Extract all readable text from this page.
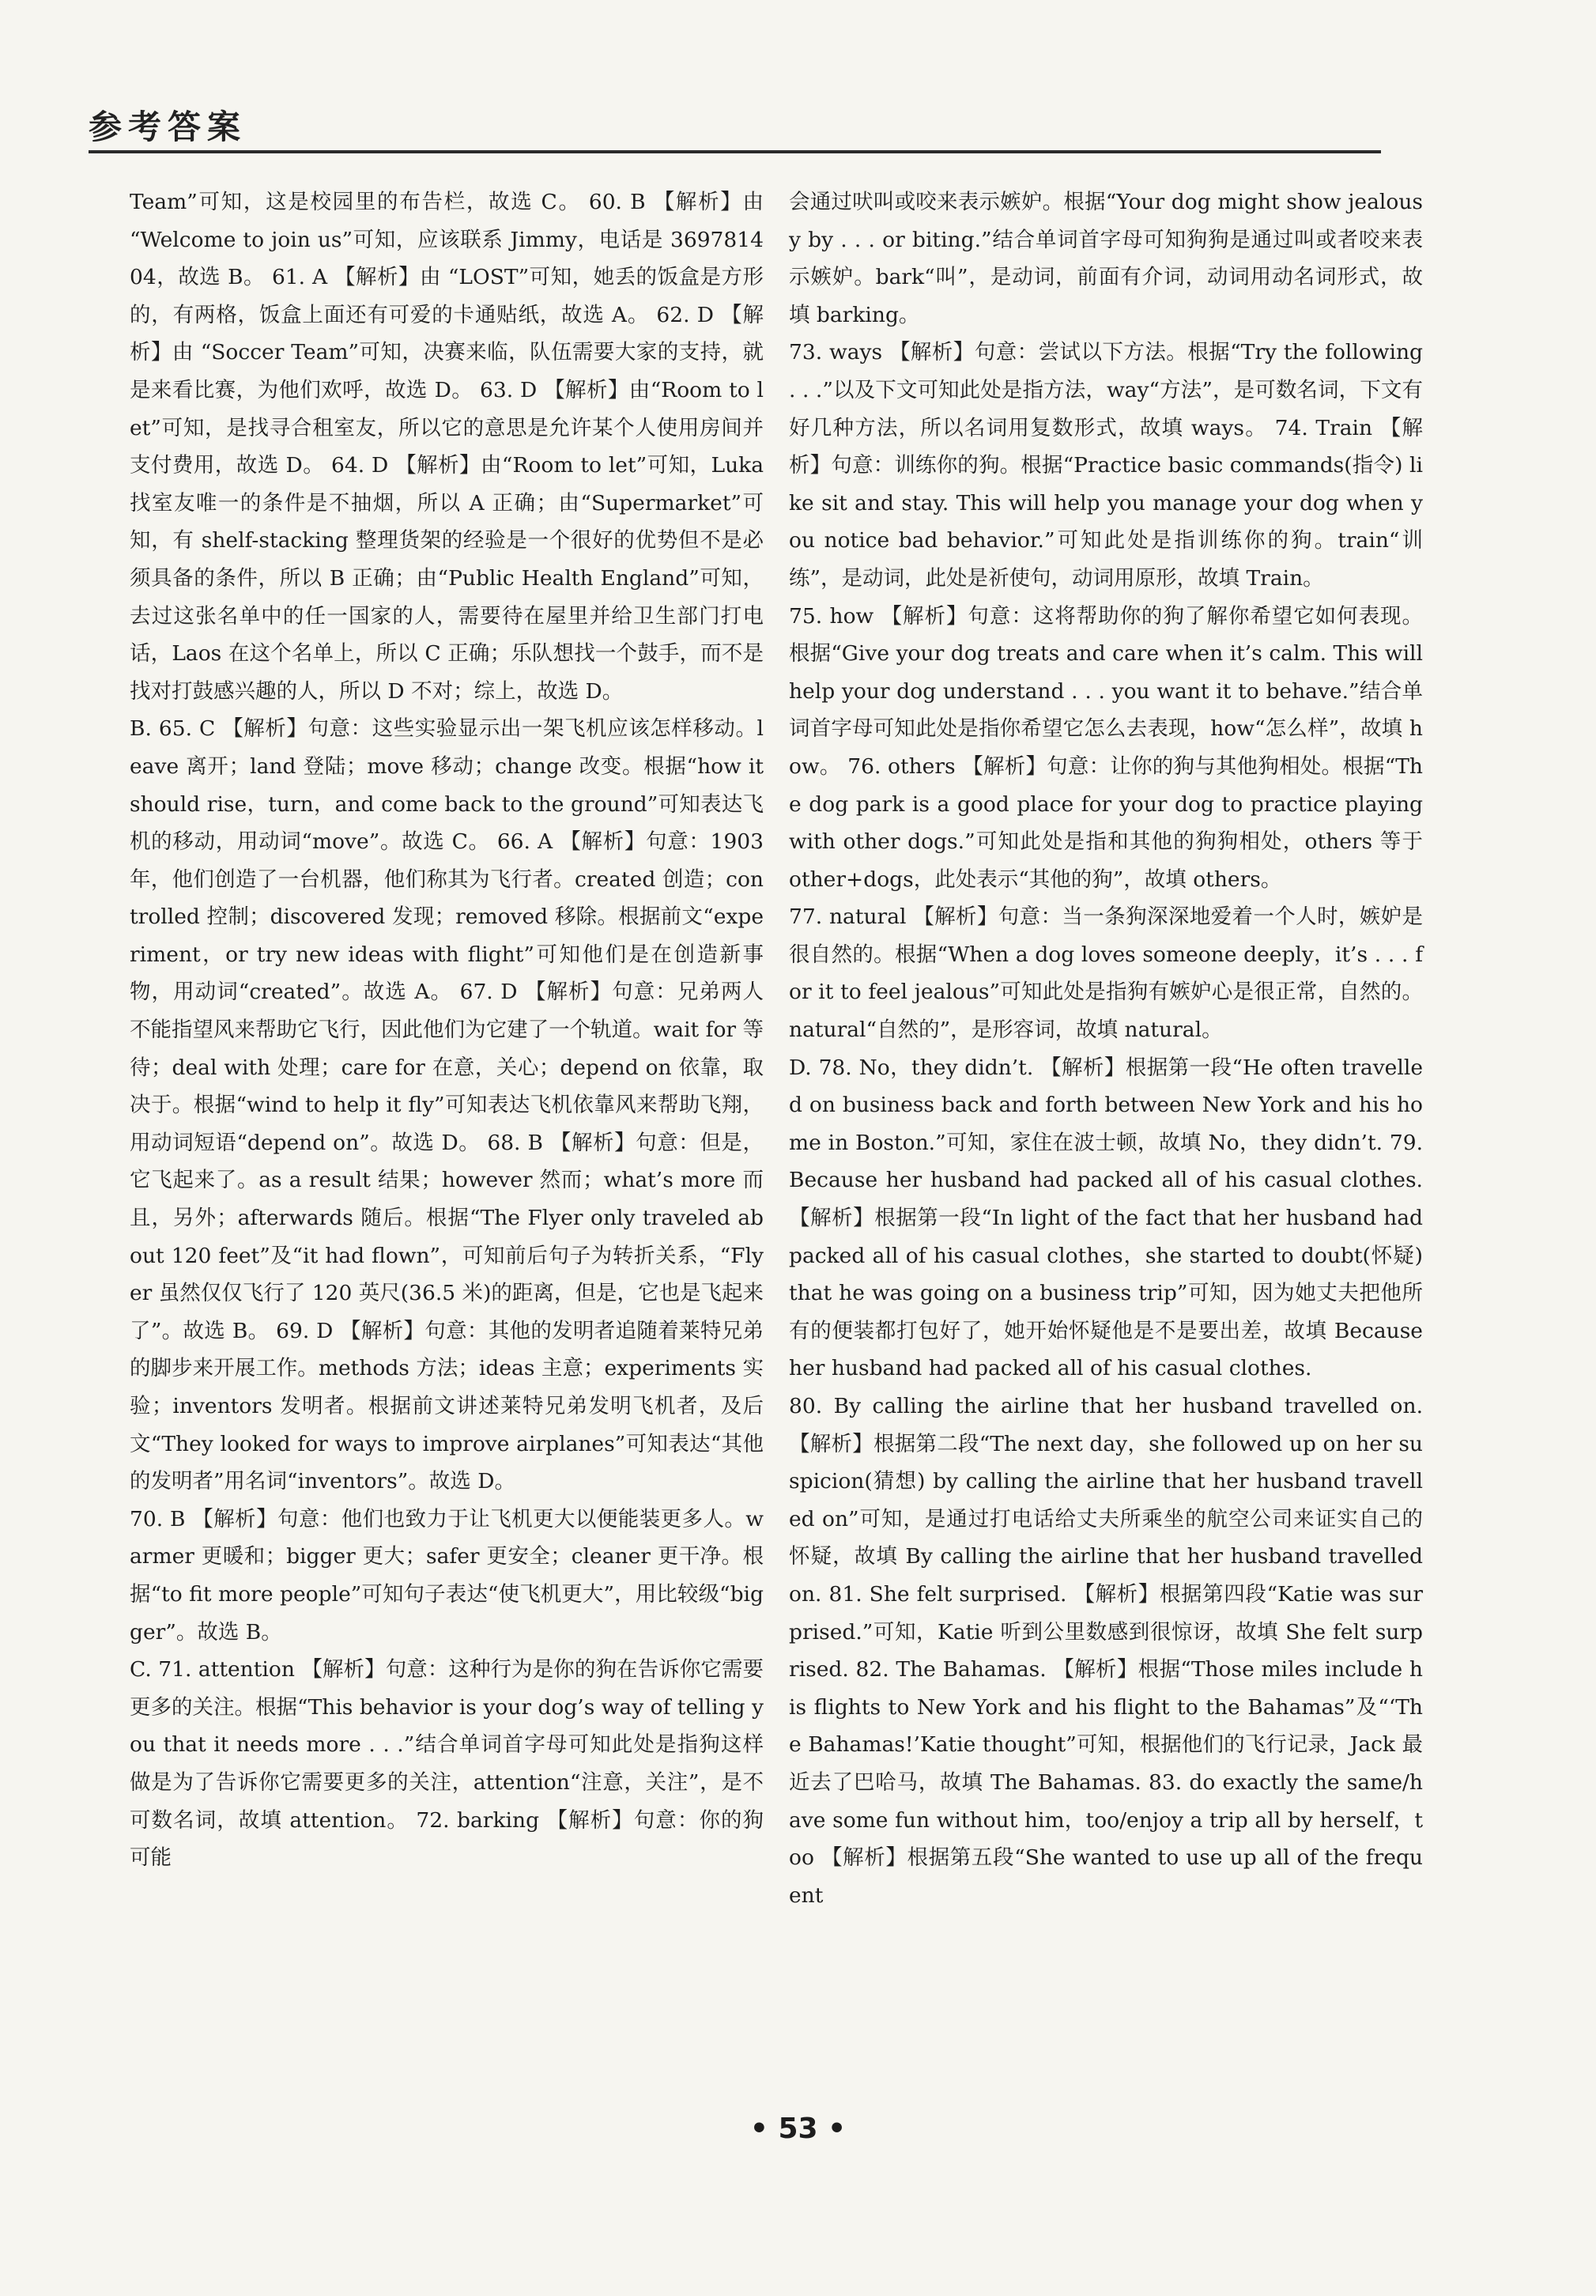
参考答案

Team”可知，这是校园里的布告栏，故选 C。 60. B 【解析】由 “Welcome to join us”可知，应该联系 Jimmy，电话是 369781404，故选 B。 61. A 【解析】由 “LOST”可知，她丢的饭盒是方形的，有两格，饭盒上面还有可爱的卡通贴纸，故选 A。 62. D 【解析】由 “Soccer Team”可知，决赛来临，队伍需要大家的支持，就是来看比赛，为他们欢呼，故选 D。 63. D 【解析】由“Room to let”可知，是找寻合租室友，所以它的意思是允许某个人使用房间并支付费用，故选 D。 64. D 【解析】由“Room to let”可知，Luka 找室友唯一的条件是不抽烟，所以 A 正确；由“Supermarket”可知，有 shelf-stacking 整理货架的经验是一个很好的优势但不是必须具备的条件，所以 B 正确；由“Public Health England”可知，去过这张名单中的任一国家的人，需要待在屋里并给卫生部门打电话，Laos 在这个名单上，所以 C 正确；乐队想找一个鼓手，而不是找对打鼓感兴趣的人，所以 D 不对；综上，故选 D。

B. 65. C 【解析】句意：这些实验显示出一架飞机应该怎样移动。leave 离开；land 登陆；move 移动；change 改变。根据“how it should rise，turn，and come back to the ground”可知表达飞机的移动，用动词“move”。故选 C。 66. A 【解析】句意：1903 年，他们创造了一台机器，他们称其为飞行者。created 创造；controlled 控制；discovered 发现；removed 移除。根据前文“experiment，or try new ideas with flight”可知他们是在创造新事物，用动词“created”。故选 A。 67. D 【解析】句意：兄弟两人不能指望风来帮助它飞行，因此他们为它建了一个轨道。wait for 等待；deal with 处理；care for 在意，关心；depend on 依靠，取决于。根据“wind to help it fly”可知表达飞机依靠风来帮助飞翔，用动词短语“depend on”。故选 D。 68. B 【解析】句意：但是，它飞起来了。as a result 结果；however 然而；what’s more 而且，另外；afterwards 随后。根据“The Flyer only traveled about 120 feet”及“it had flown”，可知前后句子为转折关系，“Flyer 虽然仅仅飞行了 120 英尺(36.5 米)的距离，但是，它也是飞起来了”。故选 B。 69. D 【解析】句意：其他的发明者追随着莱特兄弟的脚步来开展工作。methods 方法；ideas 主意；experiments 实验；inventors 发明者。根据前文讲述莱特兄弟发明飞机者，及后文“They looked for ways to improve airplanes”可知表达“其他的发明者”用名词“inventors”。故选 D。

70. B 【解析】句意：他们也致力于让飞机更大以便能装更多人。warmer 更暖和；bigger 更大；safer 更安全；cleaner 更干净。根据“to fit more people”可知句子表达“使飞机更大”，用比较级“bigger”。故选 B。

C. 71. attention 【解析】句意：这种行为是你的狗在告诉你它需要更多的关注。根据“This behavior is your dog’s way of telling you that it needs more . . .”结合单词首字母可知此处是指狗这样做是为了告诉你它需要更多的关注，attention“注意，关注”，是不可数名词，故填 attention。 72. barking 【解析】句意：你的狗可能

会通过吠叫或咬来表示嫉妒。根据“Your dog might show jealousy by . . . or biting.”结合单词首字母可知狗狗是通过叫或者咬来表示嫉妒。bark“叫”，是动词，前面有介词，动词用动名词形式，故填 barking。

73. ways 【解析】句意：尝试以下方法。根据“Try the following . . .”以及下文可知此处是指方法，way“方法”，是可数名词，下文有好几种方法，所以名词用复数形式，故填 ways。 74. Train 【解析】句意：训练你的狗。根据“Practice basic commands(指令) like sit and stay. This will help you manage your dog when you notice bad behavior.”可知此处是指训练你的狗。train“训练”，是动词，此处是祈使句，动词用原形，故填 Train。

75. how 【解析】句意：这将帮助你的狗了解你希望它如何表现。根据“Give your dog treats and care when it’s calm. This will help your dog understand . . . you want it to behave.”结合单词首字母可知此处是指你希望它怎么去表现，how“怎么样”，故填 how。 76. others 【解析】句意：让你的狗与其他狗相处。根据“The dog park is a good place for your dog to practice playing with other dogs.”可知此处是指和其他的狗狗相处，others 等于 other+dogs，此处表示“其他的狗”，故填 others。

77. natural 【解析】句意：当一条狗深深地爱着一个人时，嫉妒是很自然的。根据“When a dog loves someone deeply，it’s . . . for it to feel jealous”可知此处是指狗有嫉妒心是很正常，自然的。natural“自然的”，是形容词，故填 natural。

D. 78. No，they didn’t. 【解析】根据第一段“He often travelled on business back and forth between New York and his home in Boston.”可知，家住在波士顿，故填 No，they didn’t. 79. Because her husband had packed all of his casual clothes. 【解析】根据第一段“In light of the fact that her husband had packed all of his casual clothes，she started to doubt(怀疑) that he was going on a business trip”可知，因为她丈夫把他所有的便装都打包好了，她开始怀疑他是不是要出差，故填 Because her husband had packed all of his casual clothes.

80. By calling the airline that her husband travelled on. 【解析】根据第二段“The next day，she followed up on her suspicion(猜想) by calling the airline that her husband travelled on”可知，是通过打电话给丈夫所乘坐的航空公司来证实自己的怀疑，故填 By calling the airline that her husband travelled on. 81. She felt surprised. 【解析】根据第四段“Katie was surprised.”可知，Katie 听到公里数感到很惊讶，故填 She felt surprised. 82. The Bahamas. 【解析】根据“Those miles include his flights to New York and his flight to the Bahamas”及“‘The Bahamas!’Katie thought”可知，根据他们的飞行记录，Jack 最近去了巴哈马，故填 The Bahamas. 83. do exactly the same/have some fun without him，too/enjoy a trip all by herself，too 【解析】根据第五段“She wanted to use up all of the frequent

• 53 •
